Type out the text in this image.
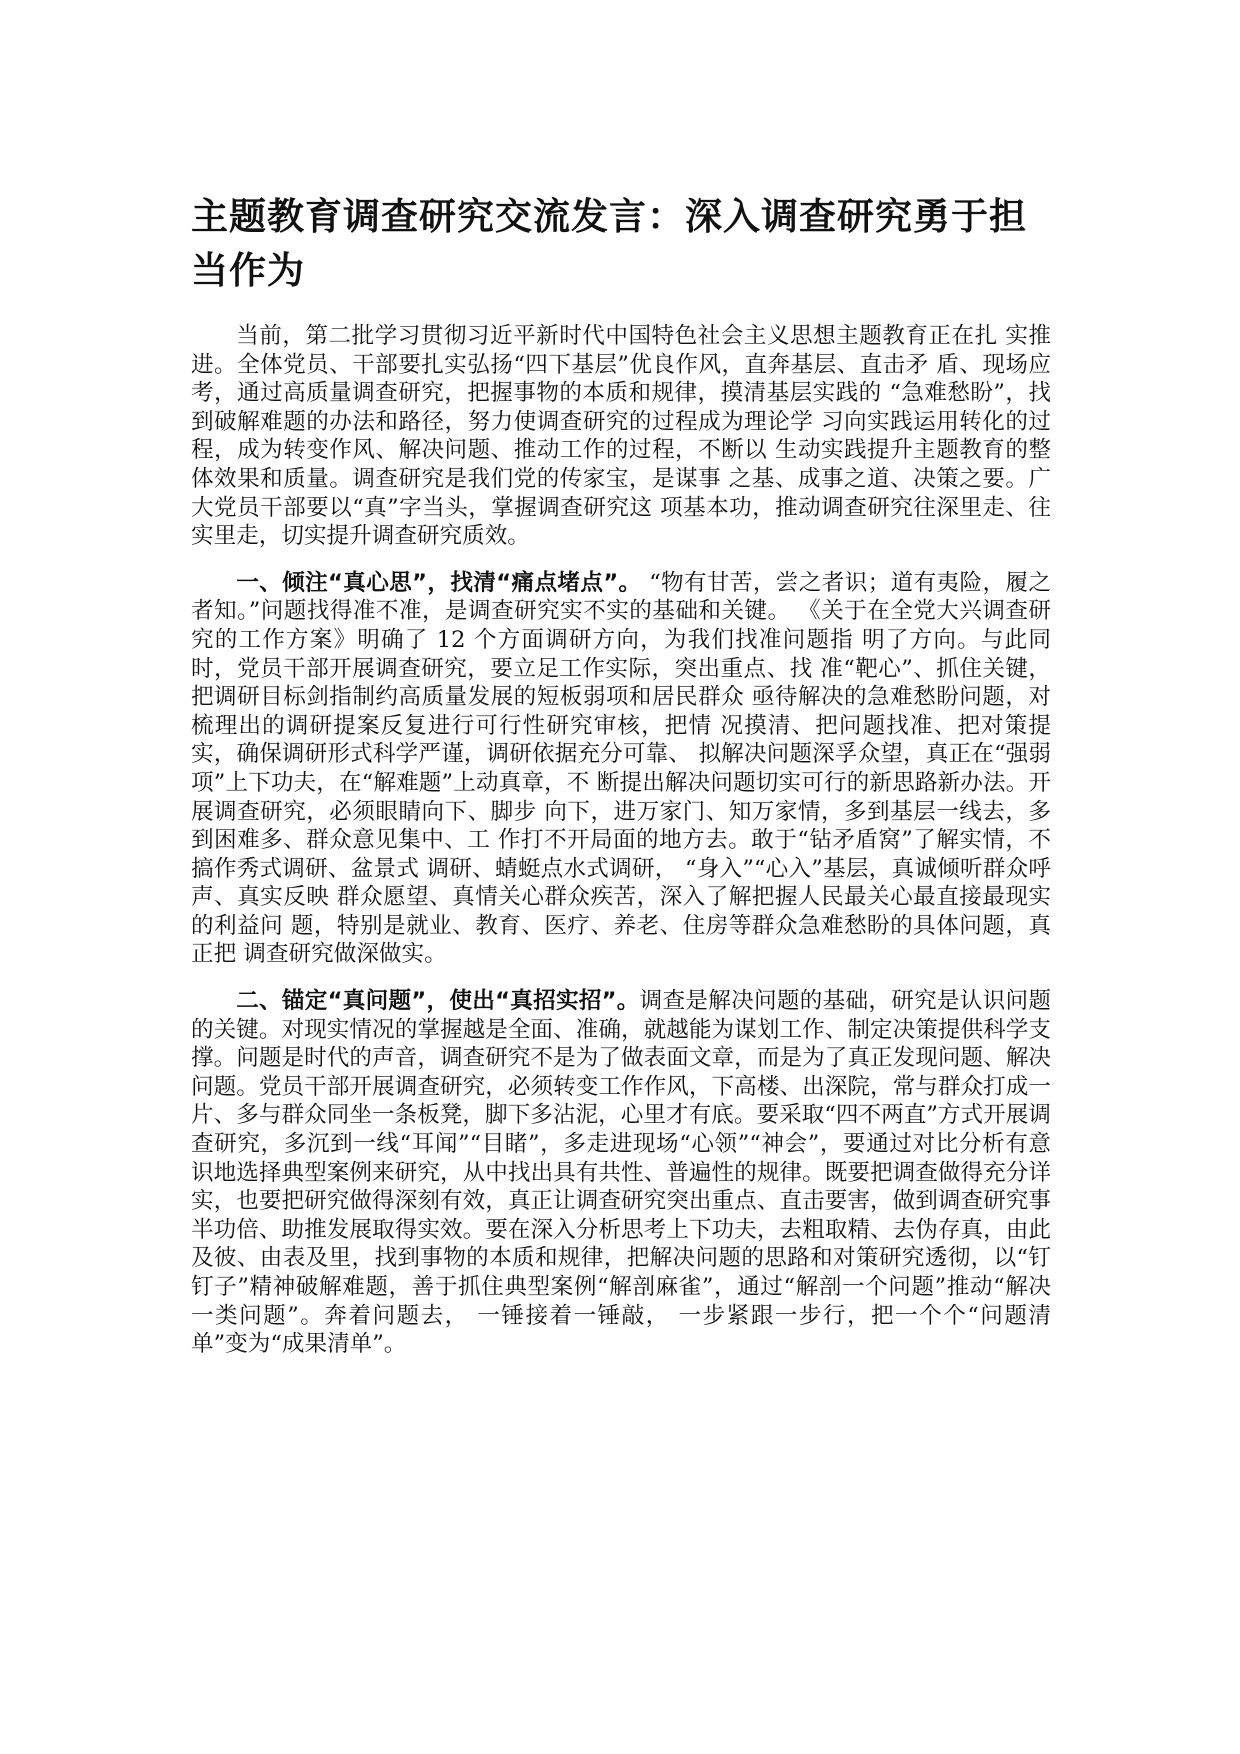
主题教育调查研究交流发言：深入调查研究勇于担当作为

当前，第二批学习贯彻习近平新时代中国特色社会主义思想主题教育正在扎 实推进。全体党员、干部要扎实弘扬“四下基层”优良作风，直奔基层、直击矛 盾、现场应考，通过高质量调查研究，把握事物的本质和规律，摸清基层实践的 “急难愁盼”，找到破解难题的办法和路径，努力使调查研究的过程成为理论学 习向实践运用转化的过程，成为转变作风、解决问题、推动工作的过程，不断以 生动实践提升主题教育的整体效果和质量。调查研究是我们党的传家宝，是谋事 之基、成事之道、决策之要。广大党员干部要以“真”字当头，掌握调查研究这 项基本功，推动调查研究往深里走、往实里走，切实提升调查研究质效。

一、倾注“真心思”，找清“痛点堵点”。 “物有甘苦，尝之者识；道有夷险，履之者知。”问题找得准不准，是调查研究实不实的基础和关键。 《关于在全党大兴调查研究的工作方案》明确了 12 个方面调研方向，为我们找准问题指 明了方向。与此同时，党员干部开展调查研究，要立足工作实际，突出重点、找 准“靶心”、抓住关键，把调研目标剑指制约高质量发展的短板弱项和居民群众 亟待解决的急难愁盼问题，对梳理出的调研提案反复进行可行性研究审核，把情 况摸清、把问题找准、把对策提实，确保调研形式科学严谨，调研依据充分可靠、 拟解决问题深孚众望，真正在“强弱项”上下功夫，在“解难题”上动真章，不 断提出解决问题切实可行的新思路新办法。开展调查研究，必须眼睛向下、脚步 向下，进万家门、知万家情，多到基层一线去，多到困难多、群众意见集中、工 作打不开局面的地方去。敢于“钻矛盾窝”了解实情，不搞作秀式调研、盆景式 调研、蜻蜓点水式调研， “身入”“心入”基层，真诚倾听群众呼声、真实反映 群众愿望、真情关心群众疾苦，深入了解把握人民最关心最直接最现实的利益问 题，特别是就业、教育、医疗、养老、住房等群众急难愁盼的具体问题，真正把 调查研究做深做实。

二、锚定“真问题”，使出“真招实招”。调查是解决问题的基础，研究是认识问题的关键。对现实情况的掌握越是全面、准确，就越能为谋划工作、制定决策提供科学支撑。问题是时代的声音，调查研究不是为了做表面文章，而是为了真正发现问题、解决问题。党员干部开展调查研究，必须转变工作作风，下高楼、出深院，常与群众打成一片、多与群众同坐一条板凳，脚下多沾泥，心里才有底。要采取“四不两直”方式开展调查研究，多沉到一线“耳闻”“目睹”，多走进现场“心领”“神会”，要通过对比分析有意识地选择典型案例来研究，从中找出具有共性、普遍性的规律。既要把调查做得充分详实，也要把研究做得深刻有效，真正让调查研究突出重点、直击要害，做到调查研究事半功倍、助推发展取得实效。要在深入分析思考上下功夫，去粗取精、去伪存真，由此及彼、由表及里，找到事物的本质和规律，把解决问题的思路和对策研究透彻，以“钉钉子”精神破解难题，善于抓住典型案例“解剖麻雀”，通过“解剖一个问题”推动“解决一类问题”。奔着问题去， 一锤接着一锤敲， 一步紧跟一步行，把一个个“问题清单”变为“成果清单”。
